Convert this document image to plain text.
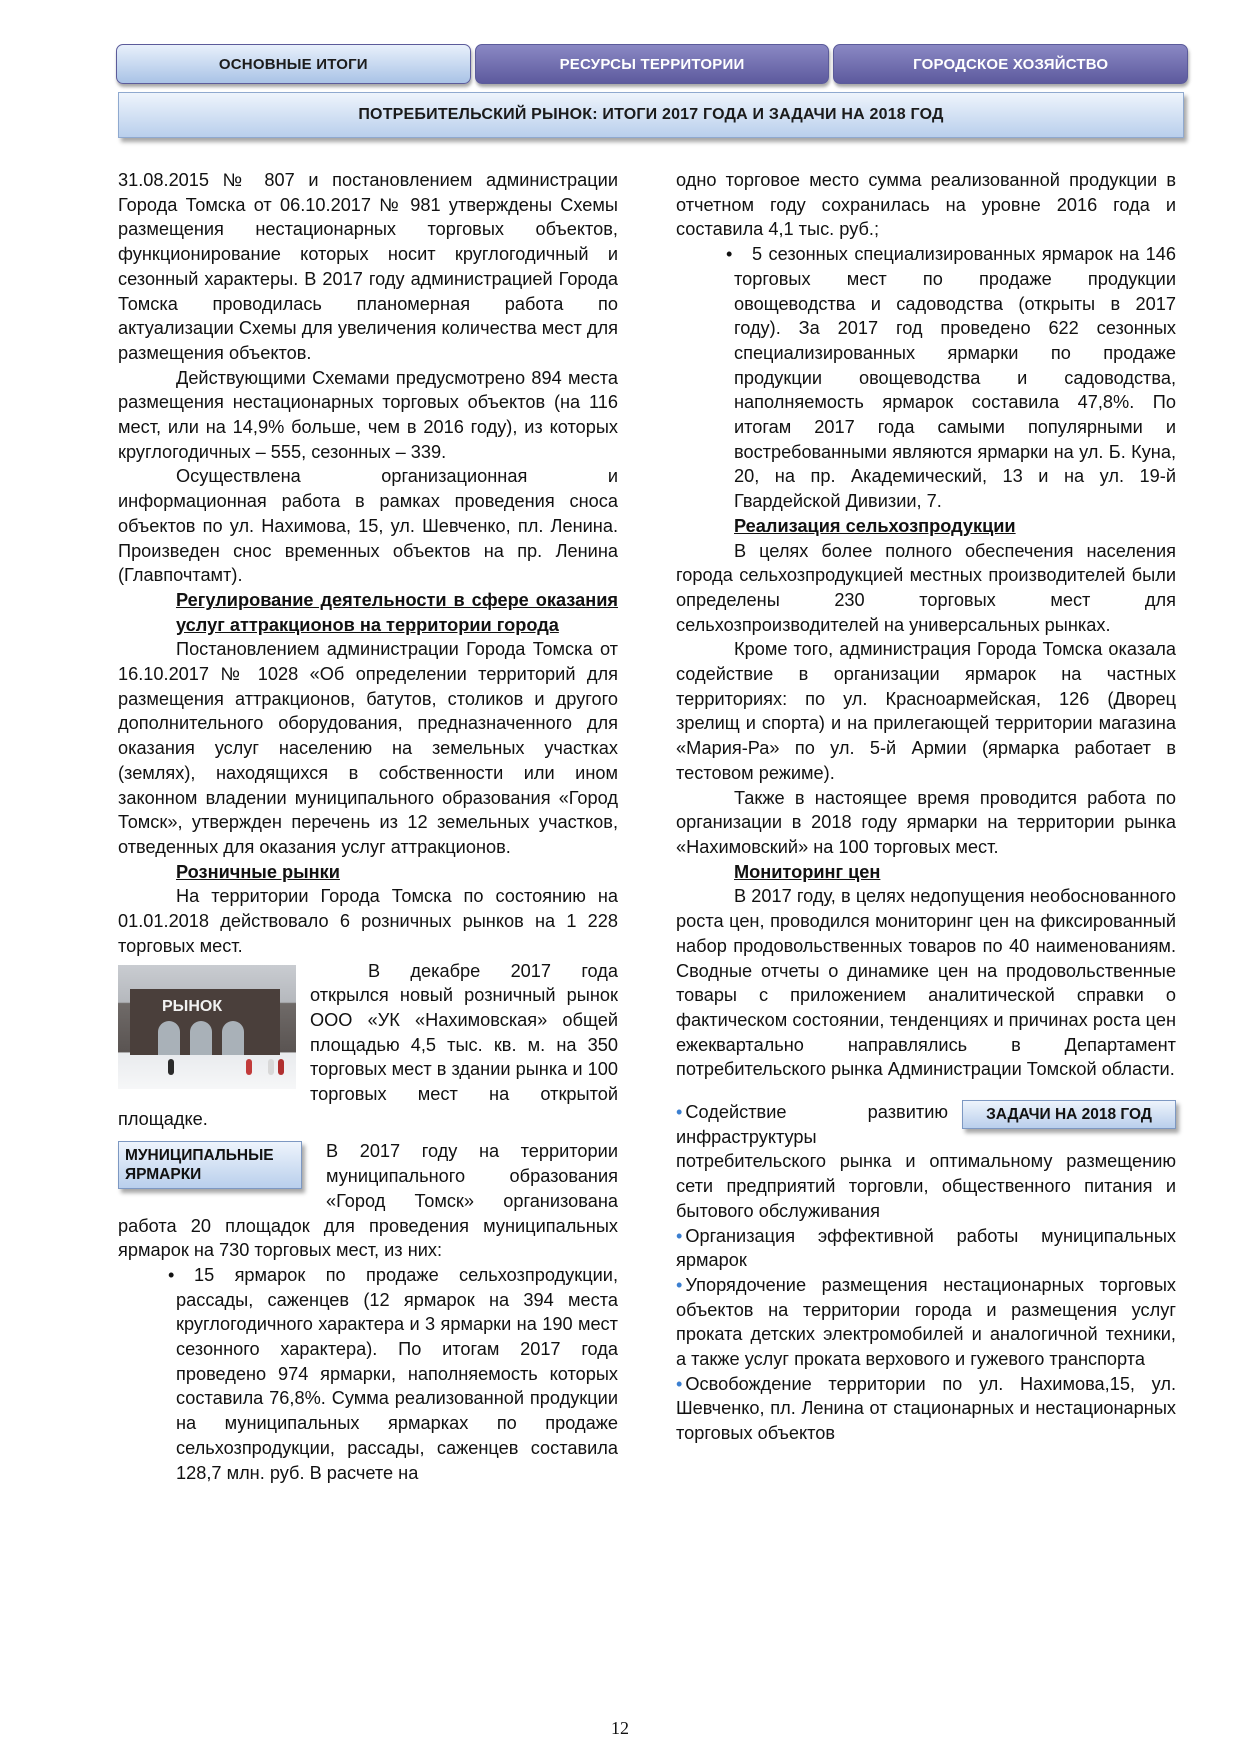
ОСНОВНЫЕ ИТОГИ	РЕСУРСЫ ТЕРРИТОРИИ	ГОРОДСКОЕ ХОЗЯЙСТВО
ПОТРЕБИТЕЛЬСКИЙ РЫНОК: ИТОГИ 2017 ГОДА И ЗАДАЧИ НА 2018 ГОД

31.08.2015 № 807 и постановлением администрации Города Томска от 06.10.2017 № 981 утверждены Схемы размещения нестационарных торговых объектов, функционирование которых носит круглогодичный и сезонный характеры. В 2017 году администрацией Города Томска проводилась планомерная работа по актуализации Схемы для увеличения количества мест для размещения объектов.

Действующими Схемами предусмотрено 894 места размещения нестационарных торговых объектов (на 116 мест, или на 14,9% больше, чем в 2016 году), из которых круглогодичных – 555, сезонных – 339.

Осуществлена организационная и информационная работа в рамках проведения сноса объектов по ул. Нахимова, 15, ул. Шевченко, пл. Ленина. Произведен снос временных объектов на пр. Ленина (Главпочтамт).

Регулирование деятельности в сфере оказания услуг аттракционов на территории города

Постановлением администрации Города Томска от 16.10.2017 № 1028 «Об определении территорий для размещения аттракционов, батутов, столиков и другого дополнительного оборудования, предназначенного для оказания услуг населению на земельных участках (землях), находящихся в собственности или ином законном владении муниципального образования «Город Томск», утвержден перечень из 12 земельных участков, отведенных для оказания услуг аттракционов.

Розничные рынки

На территории Города Томска по состоянию на 01.01.2018 действовало 6 розничных рынков на 1 228 торговых мест.

РЫНОК

В декабре 2017 года открылся новый розничный рынок ООО «УК «Нахимовская» общей площадью 4,5 тыс. кв. м. на 350 торговых мест в здании рынка и 100 торговых мест на открытой площадке.

МУНИЦИПАЛЬНЫЕ ЯРМАРКИ

В 2017 году на территории муниципального образования «Город Томск» организована работа 20 площадок для проведения муниципальных ярмарок на 730 торговых мест, из них:

• 15 ярмарок по продаже сельхозпродукции, рассады, саженцев (12 ярмарок на 394 места круглогодичного характера и 3 ярмарки на 190 мест сезонного характера). По итогам 2017 года проведено 974 ярмарки, наполняемость которых составила 76,8%. Сумма реализованной продукции на муниципальных ярмарках по продаже сельхозпродукции, рассады, саженцев составила 128,7 млн. руб. В расчете на

одно торговое место сумма реализованной продукции в отчетном году сохранилась на уровне 2016 года и составила 4,1 тыс. руб.;

• 5 сезонных специализированных ярмарок на 146 торговых мест по продаже продукции овощеводства и садоводства (открыты в 2017 году). За 2017 год проведено 622 сезонных специализированных ярмарки по продаже продукции овощеводства и садоводства, наполняемость ярмарок составила 47,8%. По итогам 2017 года самыми популярными и востребованными являются ярмарки на ул. Б. Куна, 20, на пр. Академический, 13 и на ул. 19-й Гвардейской Дивизии, 7.

Реализация сельхозпродукции

В целях более полного обеспечения населения города сельхозпродукцией местных производителей были определены 230 торговых мест для сельхозпроизводителей на универсальных рынках.

Кроме того, администрация Города Томска оказала содействие в организации ярмарок на частных территориях: по ул. Красноармейская, 126 (Дворец зрелищ и спорта) и на прилегающей территории магазина «Мария-Ра» по ул. 5-й Армии (ярмарка работает в тестовом режиме).

Также в настоящее время проводится работа по организации в 2018 году ярмарки на территории рынка «Нахимовский» на 100 торговых мест.

Мониторинг цен

В 2017 году, в целях недопущения необоснованного роста цен, проводился мониторинг цен на фиксированный набор продовольственных товаров по 40 наименованиям. Сводные отчеты о динамике цен на продовольственные товары с приложением аналитической справки о фактическом состоянии, тенденциях и причинах роста цен ежеквартально направлялись в Департамент потребительского рынка Администрации Томской области.

ЗАДАЧИ НА 2018 ГОД

• Содействие развитию инфраструктуры потребительского рынка и оптимальному размещению сети предприятий торговли, общественного питания и бытового обслуживания

• Организация эффективной работы муниципальных ярмарок

• Упорядочение размещения нестационарных торговых объектов на территории города и размещения услуг проката детских электромобилей и аналогичной техники, а также услуг проката верхового и гужевого транспорта

• Освобождение территории по ул. Нахимова,15, ул. Шевченко, пл. Ленина от стационарных и нестационарных торговых объектов

12
